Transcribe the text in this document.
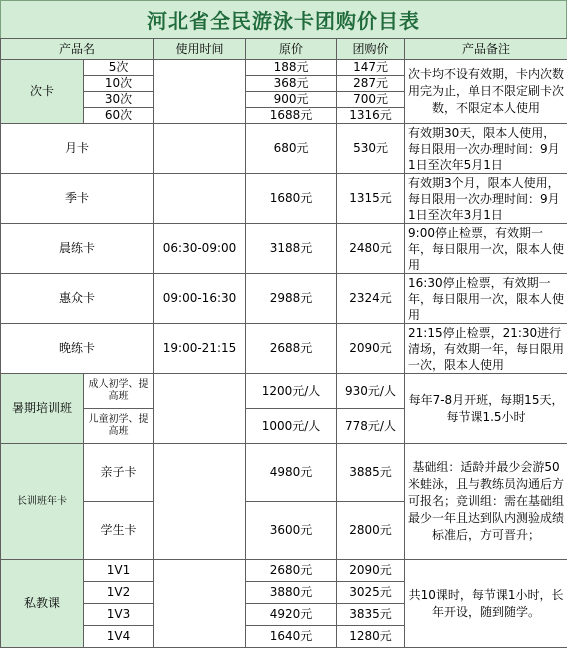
河北省全民游泳卡团购价目表
产品名		使用时间	原价	团购价	产品备注
次卡	5次		188元	147元	次卡均不设有效期，卡内次数用完为止，单日不限定刷卡次数，不限定本人使用
	10次		368元	287元	
	30次		900元	700元	
	60次		1688元	1316元	
月卡			680元	530元	有效期30天，限本人使用，每日限用一次办理时间：9月1日至次年5月1日
季卡			1680元	1315元	有效期3个月，限本人使用，每日限用一次办理时间：9月1日至次年3月1日
晨练卡		06:30-09:00	3188元	2480元	9:00停止检票，有效期一年，每日限用一次，限本人使用
惠众卡		09:00-16:30	2988元	2324元	16:30停止检票，有效期一年，每日限用一次，限本人使用
晚练卡		19:00-21:15	2688元	2090元	21:15停止检票，21:30进行清场，有效期一年，每日限用一次，限本人使用
暑期培训班	成人初学、提高班		1200元/人	930元/人	每年7-8月开班，每期15天，每节课1.5小时
	儿童初学、提高班		1000元/人	778元/人	
长训班年卡	亲子卡		4980元	3885元	基础组：适龄并最少会游50米蛙泳，且与教练员沟通后方可报名；竞训组：需在基础组最少一年且达到队内测验成绩标准后，方可晋升；
	学生卡		3600元	2800元	
私教课	1V1		2680元	2090元	共10课时，每节课1小时，长年开设，随到随学。
	1V2		3880元	3025元	
	1V3		4920元	3835元	
	1V4		1640元	1280元	
